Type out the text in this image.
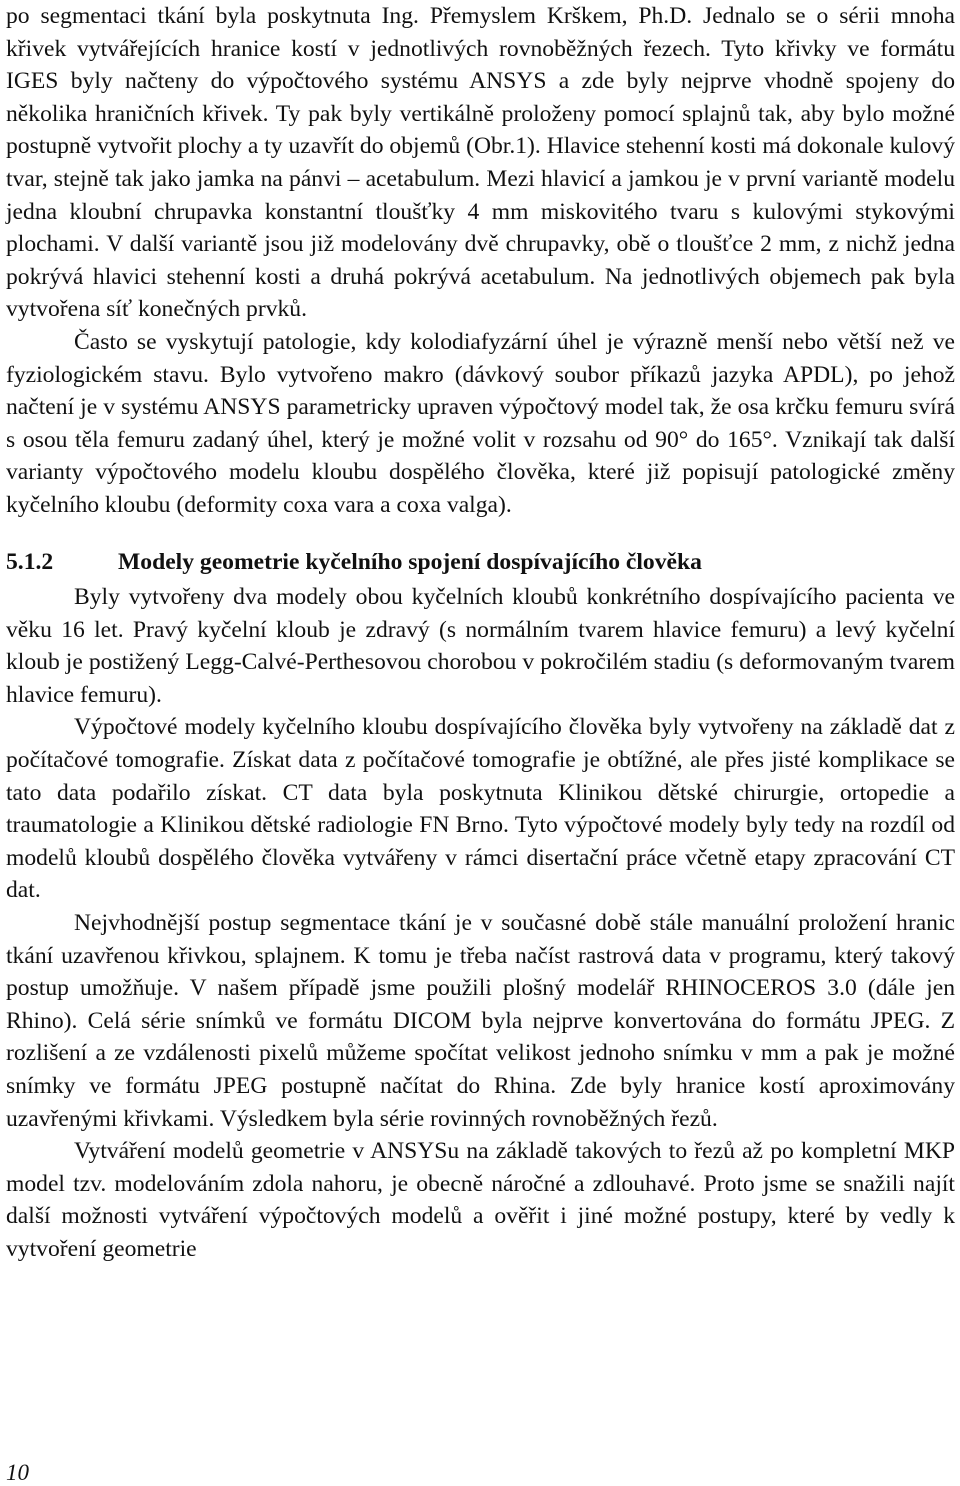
po segmentaci tkání byla poskytnuta Ing. Přemyslem Krškem, Ph.D. Jednalo se o sérii mnoha křivek vytvářejících hranice kostí v jednotlivých rovnoběžných řezech. Tyto křivky ve formátu IGES byly načteny do výpočtového systému ANSYS a zde byly nejprve vhodně spojeny do několika hraničních křivek. Ty pak byly vertikálně proloženy pomocí splajnů tak, aby bylo možné postupně vytvořit plochy a ty uzavřít do objemů (Obr.1). Hlavice stehenní kosti má dokonale kulový tvar, stejně tak jako jamka na pánvi – acetabulum. Mezi hlavicí a jamkou je v první variantě modelu jedna kloubní chrupavka konstantní tloušťky 4 mm miskovitého tvaru s kulovými stykovými plochami. V další variantě jsou již modelovány dvě chrupavky, obě o tloušťce 2 mm, z nichž jedna pokrývá hlavici stehenní kosti a druhá pokrývá acetabulum. Na jednotlivých objemech pak byla vytvořena síť konečných prvků.

Často se vyskytují patologie, kdy kolodiafyzární úhel je výrazně menší nebo větší než ve fyziologickém stavu. Bylo vytvořeno makro (dávkový soubor příkazů jazyka APDL), po jehož načtení je v systému ANSYS parametricky upraven výpočtový model tak, že osa krčku femuru svírá s osou těla femuru zadaný úhel, který je možné volit v rozsahu od 90° do 165°. Vznikají tak další varianty výpočtového modelu kloubu dospělého člověka, které již popisují patologické změny kyčelního kloubu (deformity coxa vara a coxa valga).

5.1.2	Modely geometrie kyčelního spojení dospívajícího člověka

Byly vytvořeny dva modely obou kyčelních kloubů konkrétního dospívajícího pacienta ve věku 16 let. Pravý kyčelní kloub je zdravý (s normálním tvarem hlavice femuru) a levý kyčelní kloub je postižený Legg-Calvé-Perthesovou chorobou v pokročilém stadiu (s deformovaným tvarem hlavice femuru).

Výpočtové modely kyčelního kloubu dospívajícího člověka byly vytvořeny na základě dat z počítačové tomografie. Získat data z počítačové tomografie je obtížné, ale přes jisté komplikace se tato data podařilo získat. CT data byla poskytnuta Klinikou dětské chirurgie, ortopedie a traumatologie a Klinikou dětské radiologie FN Brno. Tyto výpočtové modely byly tedy na rozdíl od modelů kloubů dospělého člověka vytvářeny v rámci disertační práce včetně etapy zpracování CT dat.

Nejvhodnější postup segmentace tkání je v současné době stále manuální proložení hranic tkání uzavřenou křivkou, splajnem. K tomu je třeba načíst rastrová data v programu, který takový postup umožňuje. V našem případě jsme použili plošný modelář RHINOCEROS 3.0 (dále jen Rhino). Celá série snímků ve formátu DICOM byla nejprve konvertována do formátu JPEG. Z rozlišení a ze vzdálenosti pixelů můžeme spočítat velikost jednoho snímku v mm a pak je možné snímky ve formátu JPEG postupně načítat do Rhina. Zde byly hranice kostí aproximovány uzavřenými křivkami. Výsledkem byla série rovinných rovnoběžných řezů.

Vytváření modelů geometrie v ANSYSu na základě takových to řezů až po kompletní MKP model tzv. modelováním zdola nahoru, je obecně náročné a zdlouhavé. Proto jsme se snažili najít další možnosti vytváření výpočtových modelů a ověřit i jiné možné postupy, které by vedly k vytvoření geometrie

10
